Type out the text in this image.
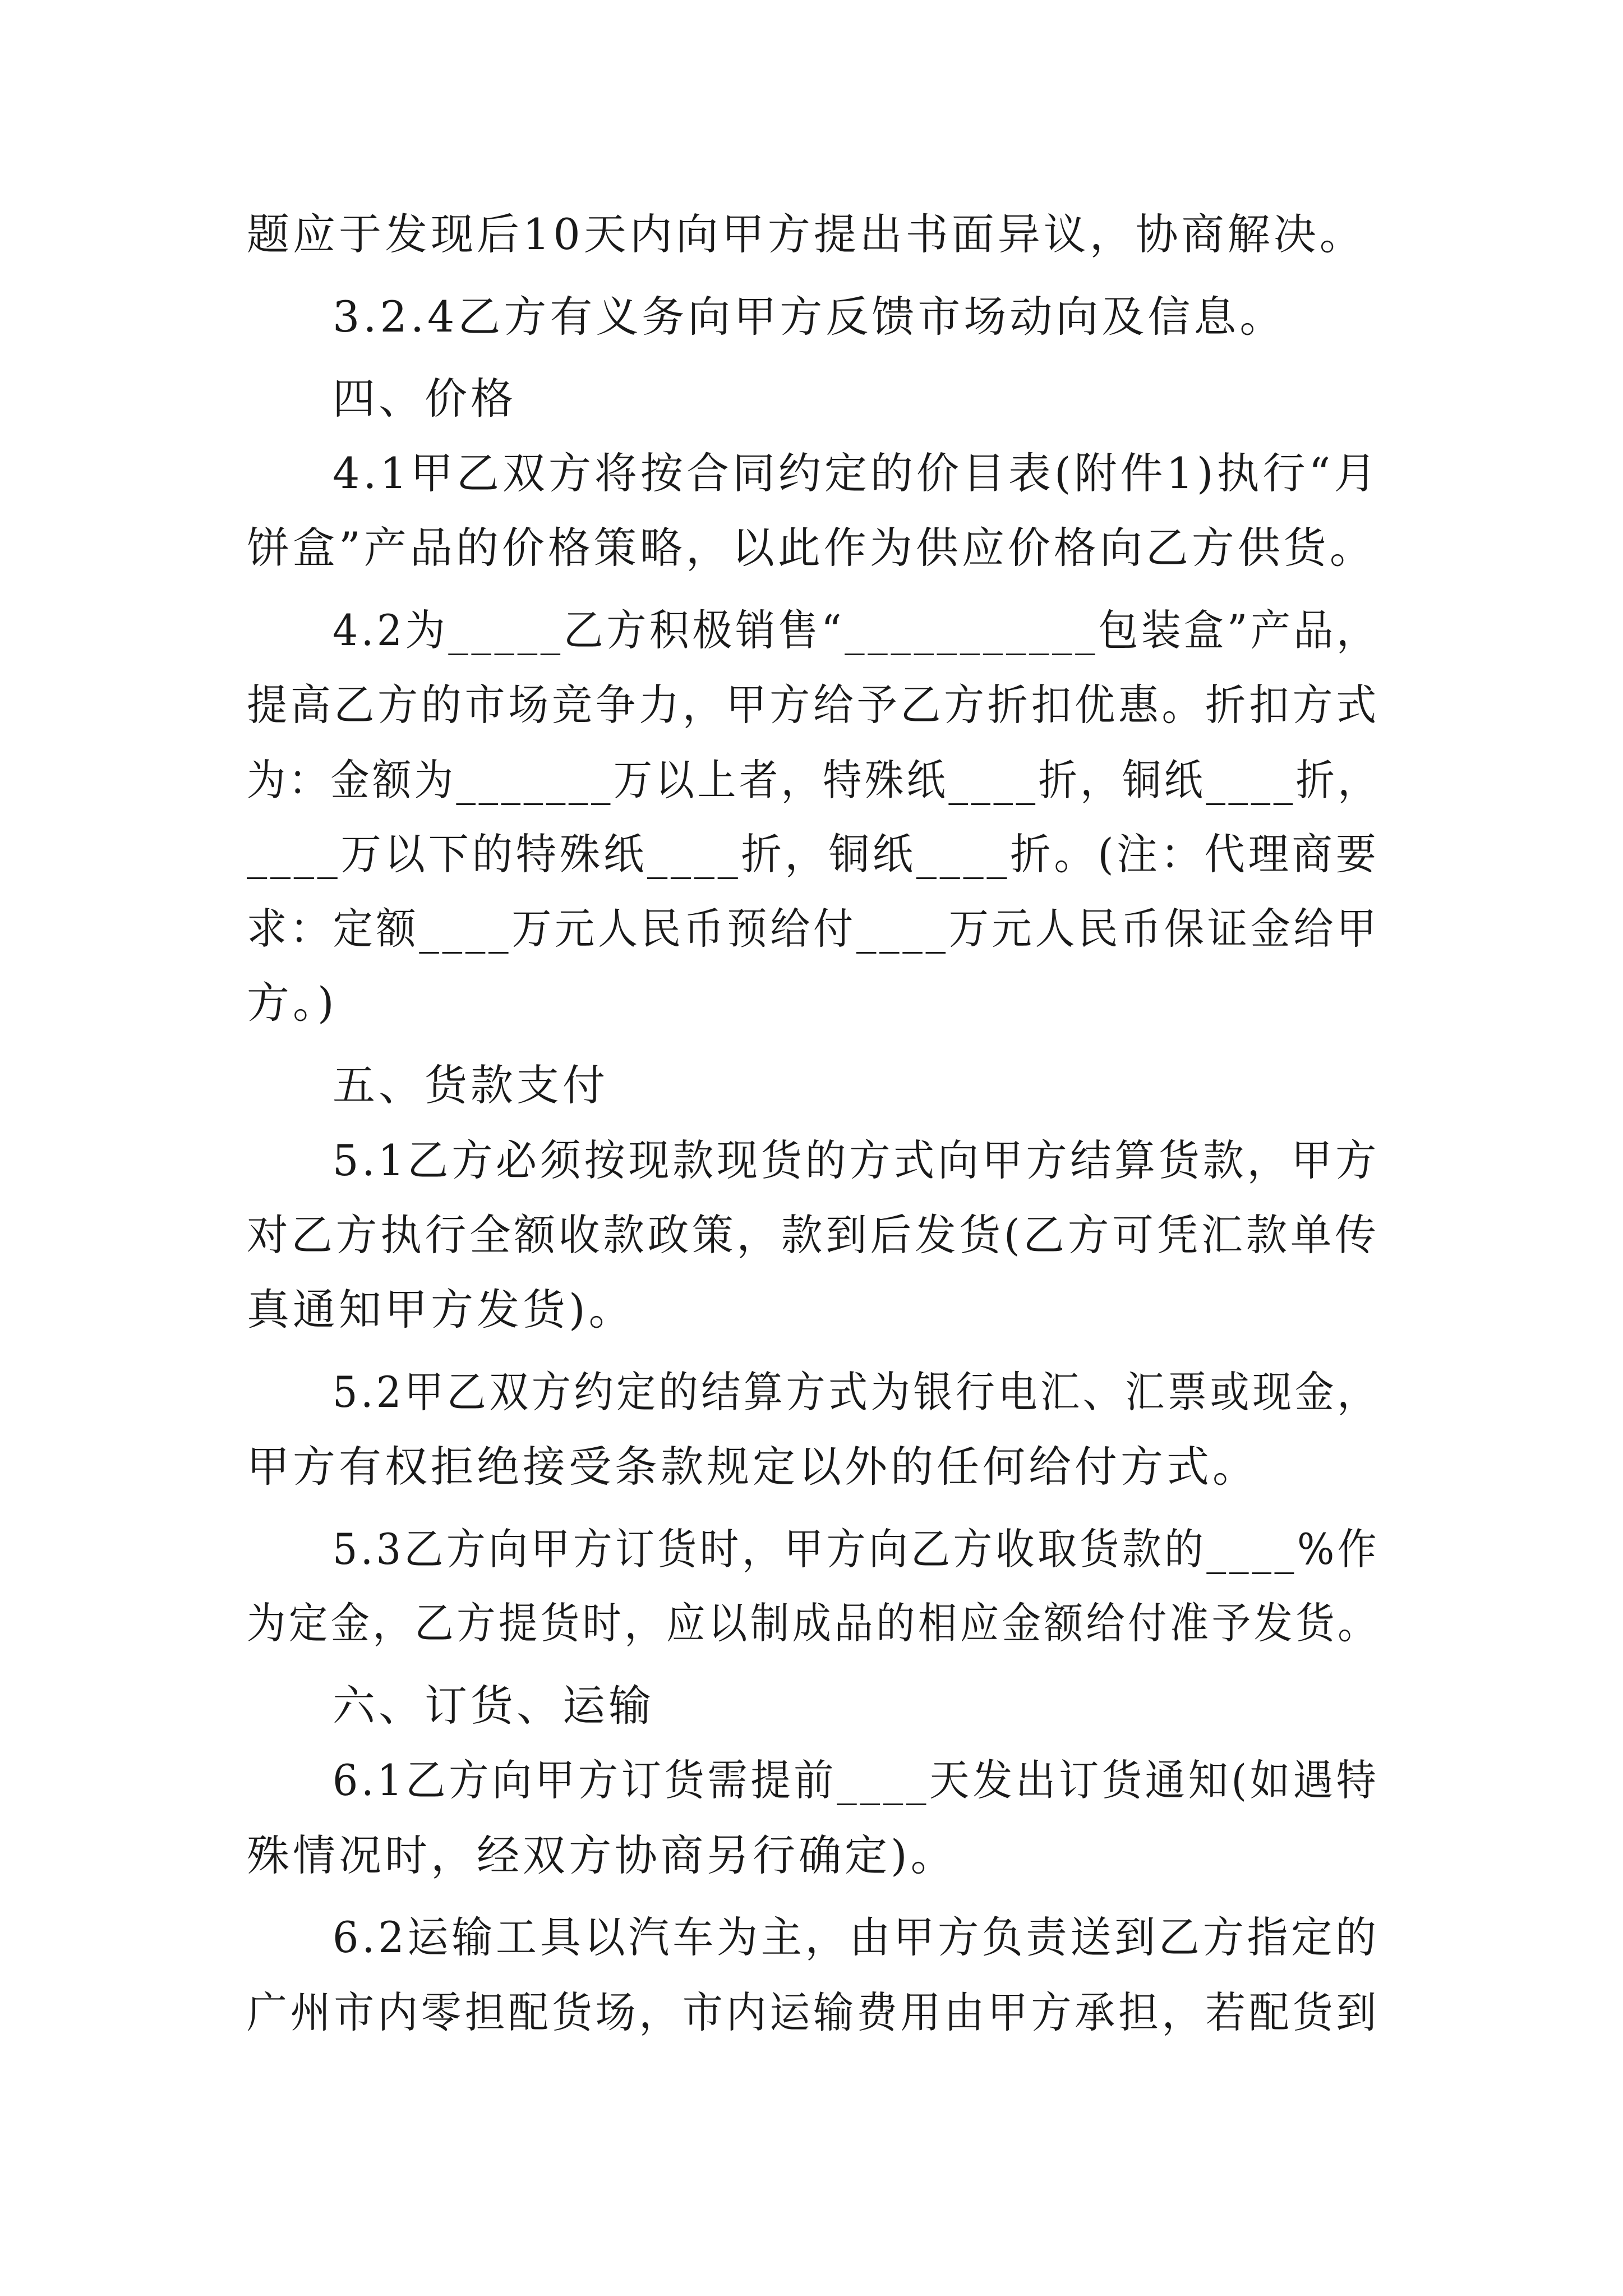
题应于发现后10天内向甲方提出书面异议，协商解决。
3.2.4乙方有义务向甲方反馈市场动向及信息。
四、价格
4.1甲乙双方将按合同约定的价目表(附件1)执行“月
饼盒”产品的价格策略，以此作为供应价格向乙方供货。
4.2为_____乙方积极销售“___________包装盒”产品，
提高乙方的市场竞争力，甲方给予乙方折扣优惠。折扣方式
为：金额为_______万以上者，特殊纸____折，铜纸____折，
____万以下的特殊纸____折，铜纸____折。(注：代理商要
求：定额____万元人民币预给付____万元人民币保证金给甲
方。)
五、货款支付
5.1乙方必须按现款现货的方式向甲方结算货款，甲方
对乙方执行全额收款政策，款到后发货(乙方可凭汇款单传
真通知甲方发货)。
5.2甲乙双方约定的结算方式为银行电汇、汇票或现金，
甲方有权拒绝接受条款规定以外的任何给付方式。
5.3乙方向甲方订货时，甲方向乙方收取货款的____%作
为定金，乙方提货时，应以制成品的相应金额给付准予发货。
六、订货、运输
6.1乙方向甲方订货需提前____天发出订货通知(如遇特
殊情况时，经双方协商另行确定)。
6.2运输工具以汽车为主，由甲方负责送到乙方指定的
广州市内零担配货场，市内运输费用由甲方承担，若配货到
